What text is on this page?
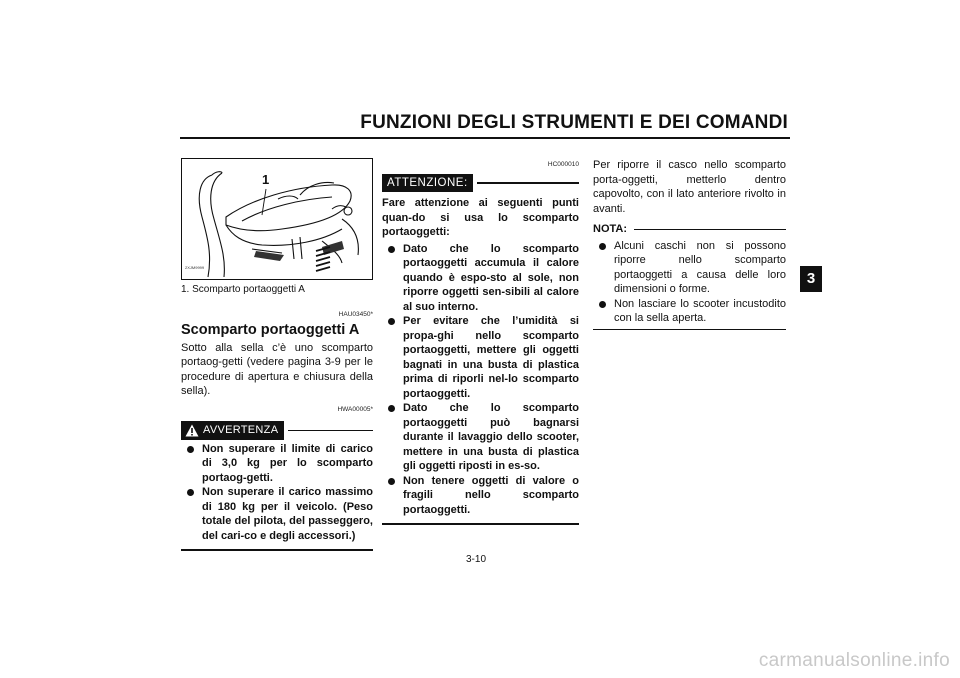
FUNZIONI DEGLI STRUMENTI E DEI COMANDI
3
1
2XJM9999
1. Scomparto portaoggetti A
HAU03450*
Scomparto portaoggetti A
Sotto alla sella c’è uno scomparto portaog-getti (vedere pagina 3-9 per le procedure di apertura e chiusura della sella).
HWA00005*
AVVERTENZA
Non superare il limite di carico di 3,0 kg per lo scomparto portaog-getti.
Non superare il carico massimo di 180 kg per il veicolo. (Peso totale del pilota, del passeggero, del cari-co e degli accessori.)
HC000010
ATTENZIONE:
Fare attenzione ai seguenti punti quan-do si usa lo scomparto portaoggetti:
Dato che lo scomparto portaoggetti accumula il calore quando è espo-sto al sole, non riporre oggetti sen-sibili al calore al suo interno.
Per evitare che l’umidità si propa-ghi nello scomparto portaoggetti, mettere gli oggetti bagnati in una busta di plastica prima di riporli nel-lo scomparto portaoggetti.
Dato che lo scomparto portaoggetti può bagnarsi durante il lavaggio dello scooter, mettere in una busta di plastica gli oggetti riposti in es-so.
Non tenere oggetti di valore o fragili nello scomparto portaoggetti.
Per riporre il casco nello scomparto porta-oggetti, metterlo dentro capovolto, con il lato anteriore rivolto in avanti.
NOTA:
Alcuni caschi non si possono riporre nello scomparto portaoggetti a causa delle loro dimensioni o forme.
Non lasciare lo scooter incustodito con la sella aperta.
3-10
carmanualsonline.info
